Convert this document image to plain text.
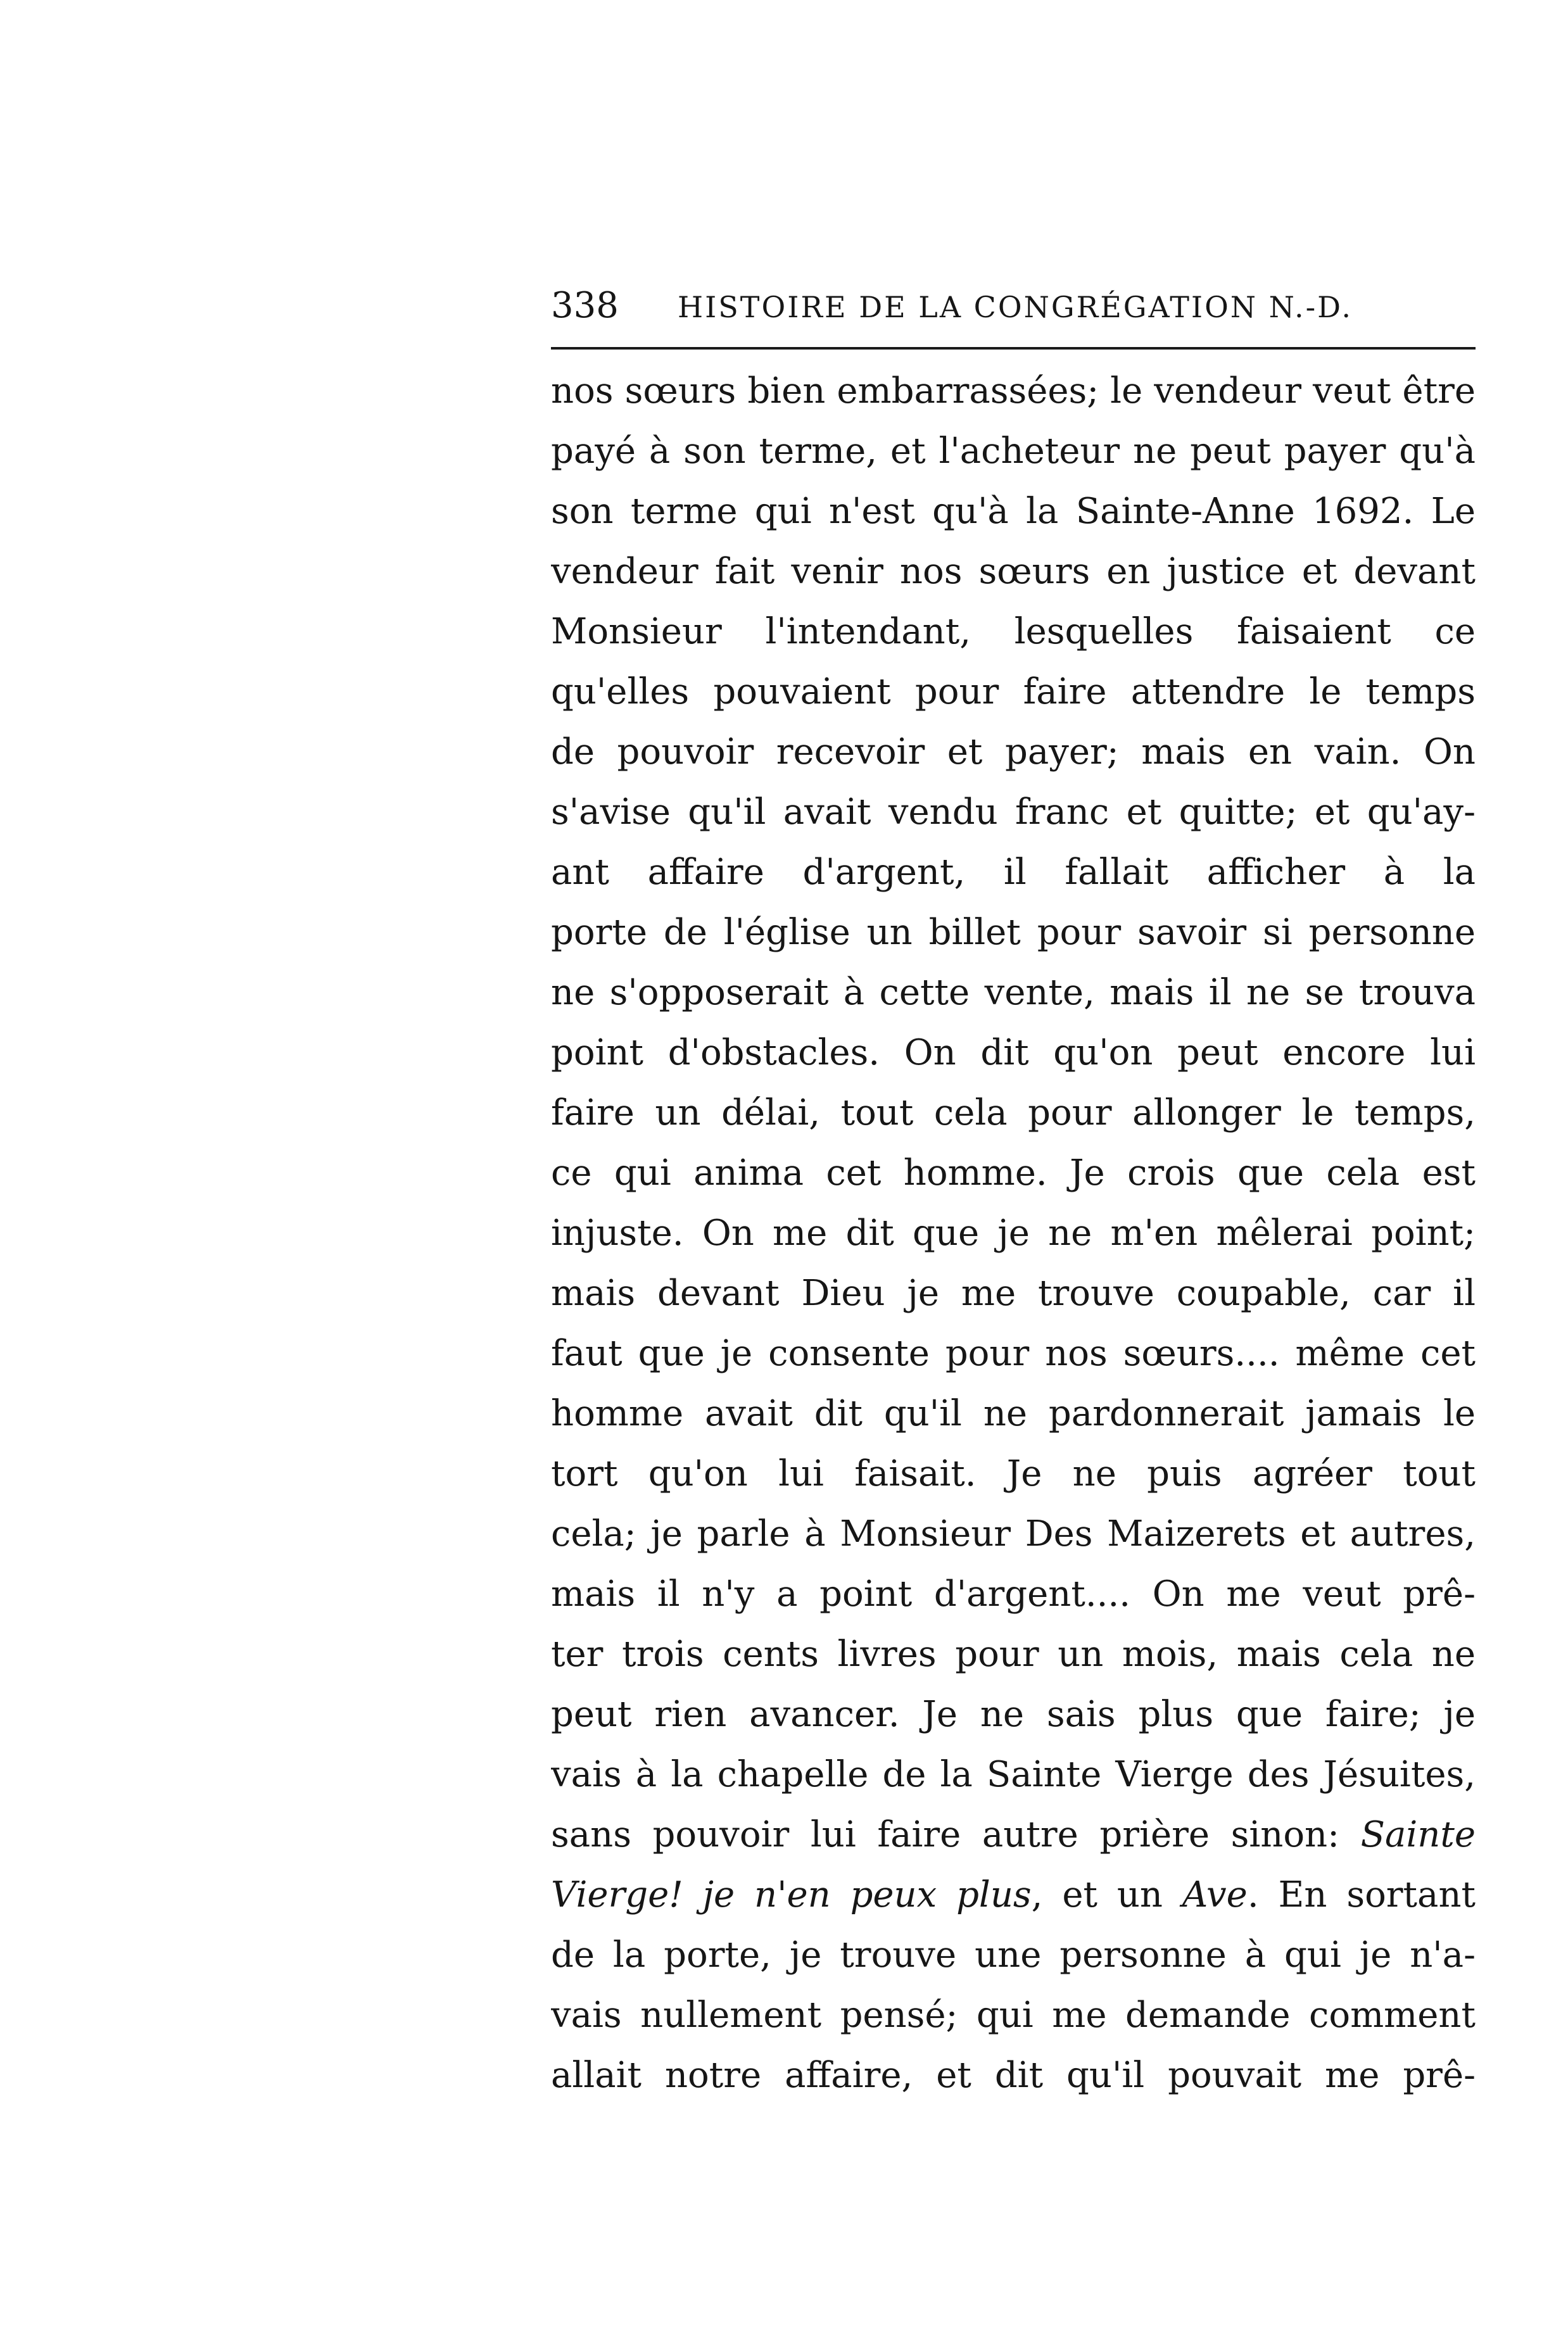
338 HISTOIRE DE LA CONGRÉGATION N.-D.
nos sœurs bien embarrassées; le vendeur veut être
payé à son terme, et l'acheteur ne peut payer qu'à
son terme qui n'est qu'à la Sainte-Anne 1692. Le
vendeur fait venir nos sœurs en justice et devant
Monsieur l'intendant, lesquelles faisaient ce
qu'elles pouvaient pour faire attendre le temps
de pouvoir recevoir et payer; mais en vain. On
s'avise qu'il avait vendu franc et quitte; et qu'ay-
ant affaire d'argent, il fallait afficher à la
porte de l'église un billet pour savoir si personne
ne s'opposerait à cette vente, mais il ne se trouva
point d'obstacles. On dit qu'on peut encore lui
faire un délai, tout cela pour allonger le temps,
ce qui anima cet homme. Je crois que cela est
injuste. On me dit que je ne m'en mêlerai point;
mais devant Dieu je me trouve coupable, car il
faut que je consente pour nos sœurs.... même cet
homme avait dit qu'il ne pardonnerait jamais le
tort qu'on lui faisait. Je ne puis agréer tout
cela; je parle à Monsieur Des Maizerets et autres,
mais il n'y a point d'argent.... On me veut prê-
ter trois cents livres pour un mois, mais cela ne
peut rien avancer. Je ne sais plus que faire; je
vais à la chapelle de la Sainte Vierge des Jésuites,
sans pouvoir lui faire autre prière sinon: Sainte
Vierge! je n'en peux plus, et un Ave. En sortant
de la porte, je trouve une personne à qui je n'a-
vais nullement pensé; qui me demande comment
allait notre affaire, et dit qu'il pouvait me prê-
